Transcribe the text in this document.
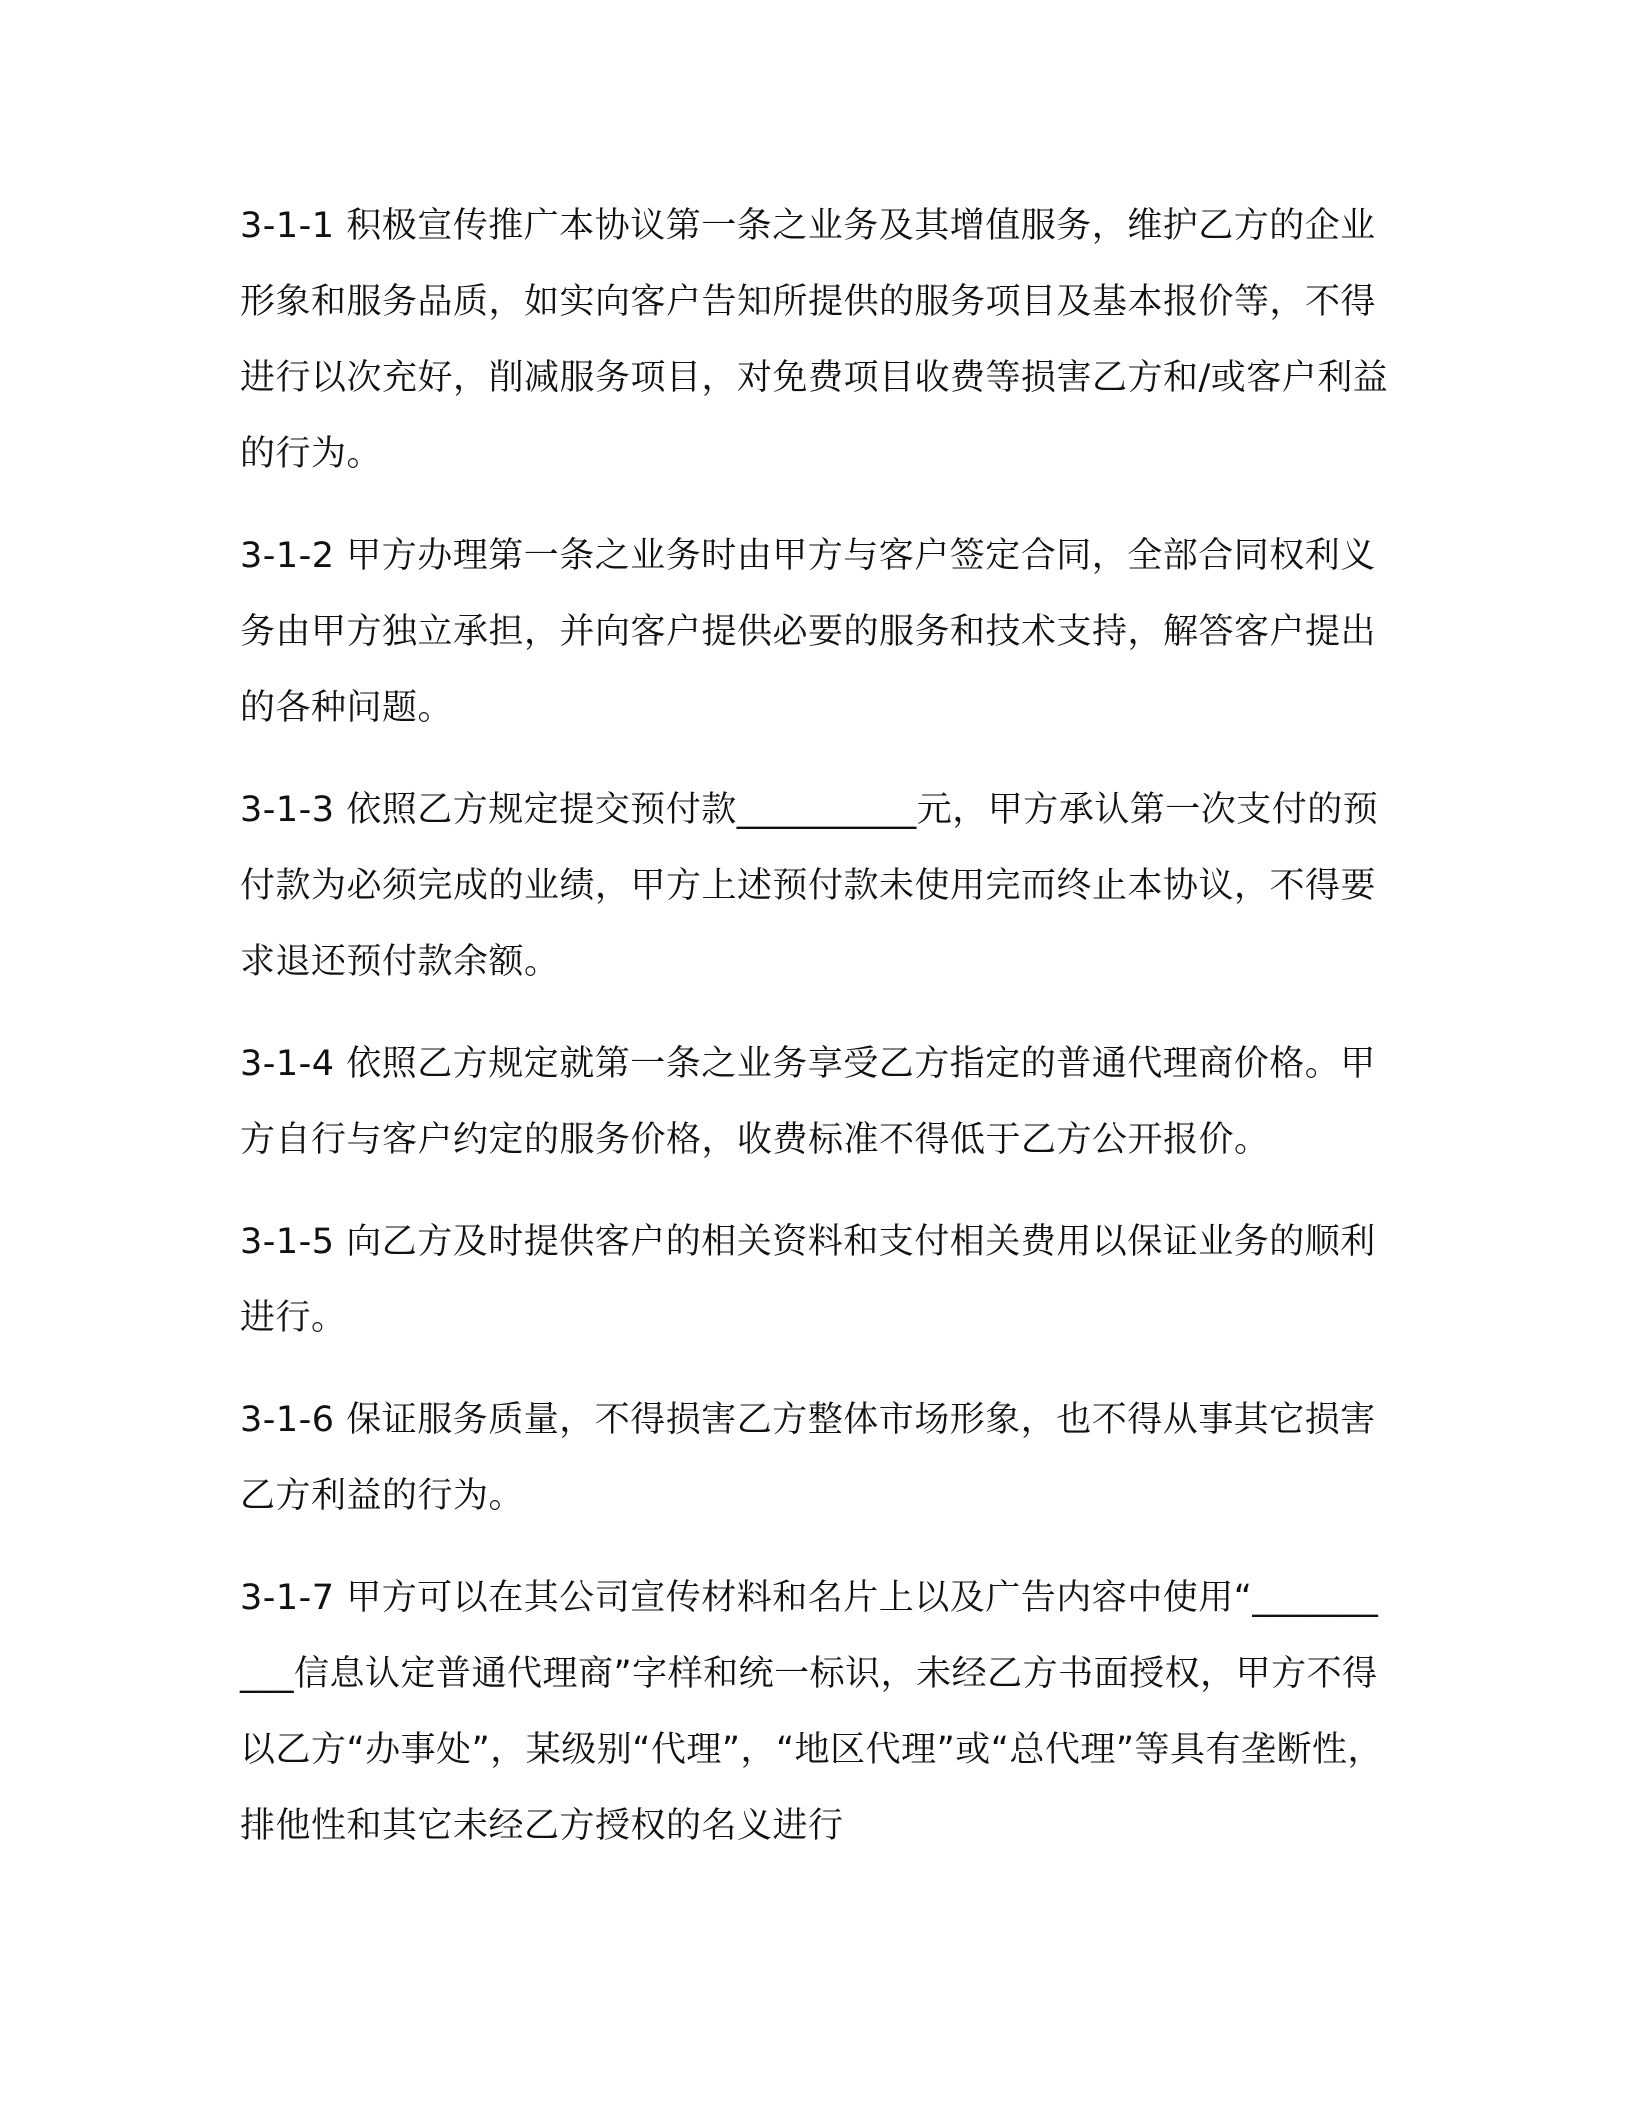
3-1-1 积极宣传推广本协议第一条之业务及其增值服务，维护乙方的企业形象和服务品质，如实向客户告知所提供的服务项目及基本报价等，不得进行以次充好，削减服务项目，对免费项目收费等损害乙方和/或客户利益的行为。

3-1-2 甲方办理第一条之业务时由甲方与客户签定合同，全部合同权利义务由甲方独立承担，并向客户提供必要的服务和技术支持，解答客户提出的各种问题。

3-1-3 依照乙方规定提交预付款__________元，甲方承认第一次支付的预付款为必须完成的业绩，甲方上述预付款未使用完而终止本协议，不得要求退还预付款余额。

3-1-4 依照乙方规定就第一条之业务享受乙方指定的普通代理商价格。甲方自行与客户约定的服务价格，收费标准不得低于乙方公开报价。

3-1-5 向乙方及时提供客户的相关资料和支付相关费用以保证业务的顺利进行。

3-1-6 保证服务质量，不得损害乙方整体市场形象，也不得从事其它损害乙方利益的行为。

3-1-7 甲方可以在其公司宣传材料和名片上以及广告内容中使用“__________信息认定普通代理商”字样和统一标识，未经乙方书面授权，甲方不得以乙方“办事处”，某级别“代理”，“地区代理”或“总代理”等具有垄断性，排他性和其它未经乙方授权的名义进行
